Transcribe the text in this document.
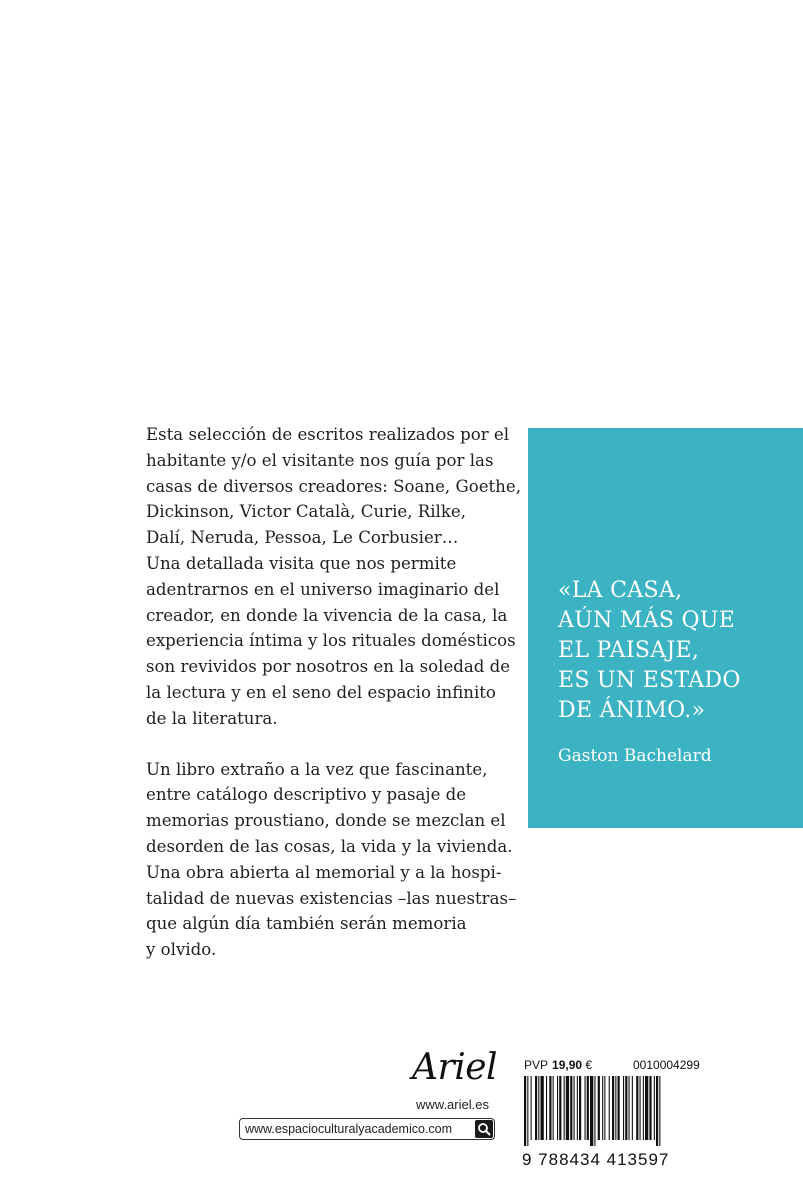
Esta selección de escritos realizados por el
habitante y/o el visitante nos guía por las
casas de diversos creadores: Soane, Goethe,
Dickinson, Victor Català, Curie, Rilke,
Dalí, Neruda, Pessoa, Le Corbusier…
Una detallada visita que nos permite
adentrarnos en el universo imaginario del
creador, en donde la vivencia de la casa, la
experiencia íntima y los rituales domésticos
son revividos por nosotros en la soledad de
la lectura y en el seno del espacio infinito
de la literatura.
Un libro extraño a la vez que fascinante,
entre catálogo descriptivo y pasaje de
memorias proustiano, donde se mezclan el
desorden de las cosas, la vida y la vivienda.
Una obra abierta al memorial y a la hospi-
talidad de nuevas existencias –las nuestras–
que algún día también serán memoria
y olvido.
«LA CASA,
AÚN MÁS QUE
EL PAISAJE,
ES UN ESTADO
DE ÁNIMO.»
Gaston Bachelard
Ariel
www.ariel.es
www.espacioculturalyacademico.com
PVP 19,90 €	0010004299
9 788434 413597
